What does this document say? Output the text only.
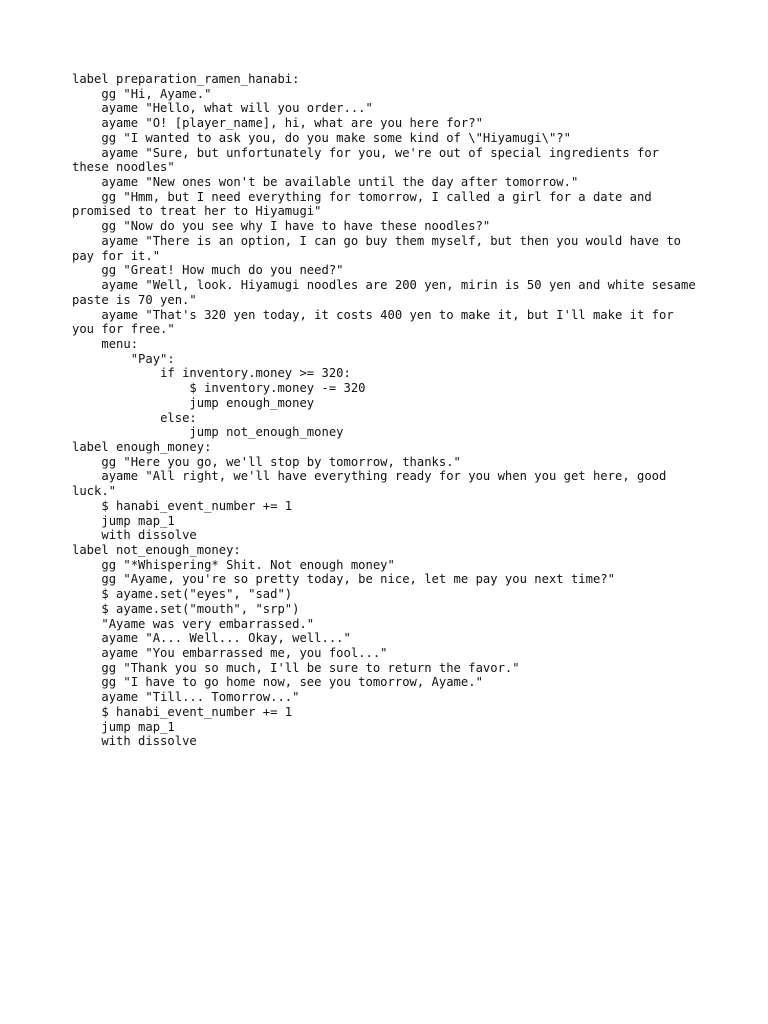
label preparation_ramen_hanabi:
gg "Hi, Ayame."
ayame "Hello, what will you order..."
ayame "O! [player_name], hi, what are you here for?"
gg "I wanted to ask you, do you make some kind of \"Hiyamugi\"?"
ayame "Sure, but unfortunately for you, we're out of special ingredients for these noodles"
ayame "New ones won't be available until the day after tomorrow."
gg "Hmm, but I need everything for tomorrow, I called a girl for a date and promised to treat her to Hiyamugi"
gg "Now do you see why I have to have these noodles?"
ayame "There is an option, I can go buy them myself, but then you would have to pay for it."
gg "Great! How much do you need?"
ayame "Well, look. Hiyamugi noodles are 200 yen, mirin is 50 yen and white sesame paste is 70 yen."
ayame "That's 320 yen today, it costs 400 yen to make it, but I'll make it for you for free."
menu:
"Pay":
if inventory.money >= 320:
$ inventory.money -= 320
jump enough_money
else:
jump not_enough_money
label enough_money:
gg "Here you go, we'll stop by tomorrow, thanks."
ayame "All right, we'll have everything ready for you when you get here, good luck."
$ hanabi_event_number += 1
jump map_1
with dissolve
label not_enough_money:
gg "*Whispering* Shit. Not enough money"
gg "Ayame, you're so pretty today, be nice, let me pay you next time?"
$ ayame.set("eyes", "sad")
$ ayame.set("mouth", "srp")
"Ayame was very embarrassed."
ayame "A... Well... Okay, well..."
ayame "You embarrassed me, you fool..."
gg "Thank you so much, I'll be sure to return the favor."
gg "I have to go home now, see you tomorrow, Ayame."
ayame "Till... Tomorrow..."
$ hanabi_event_number += 1
jump map_1
with dissolve
